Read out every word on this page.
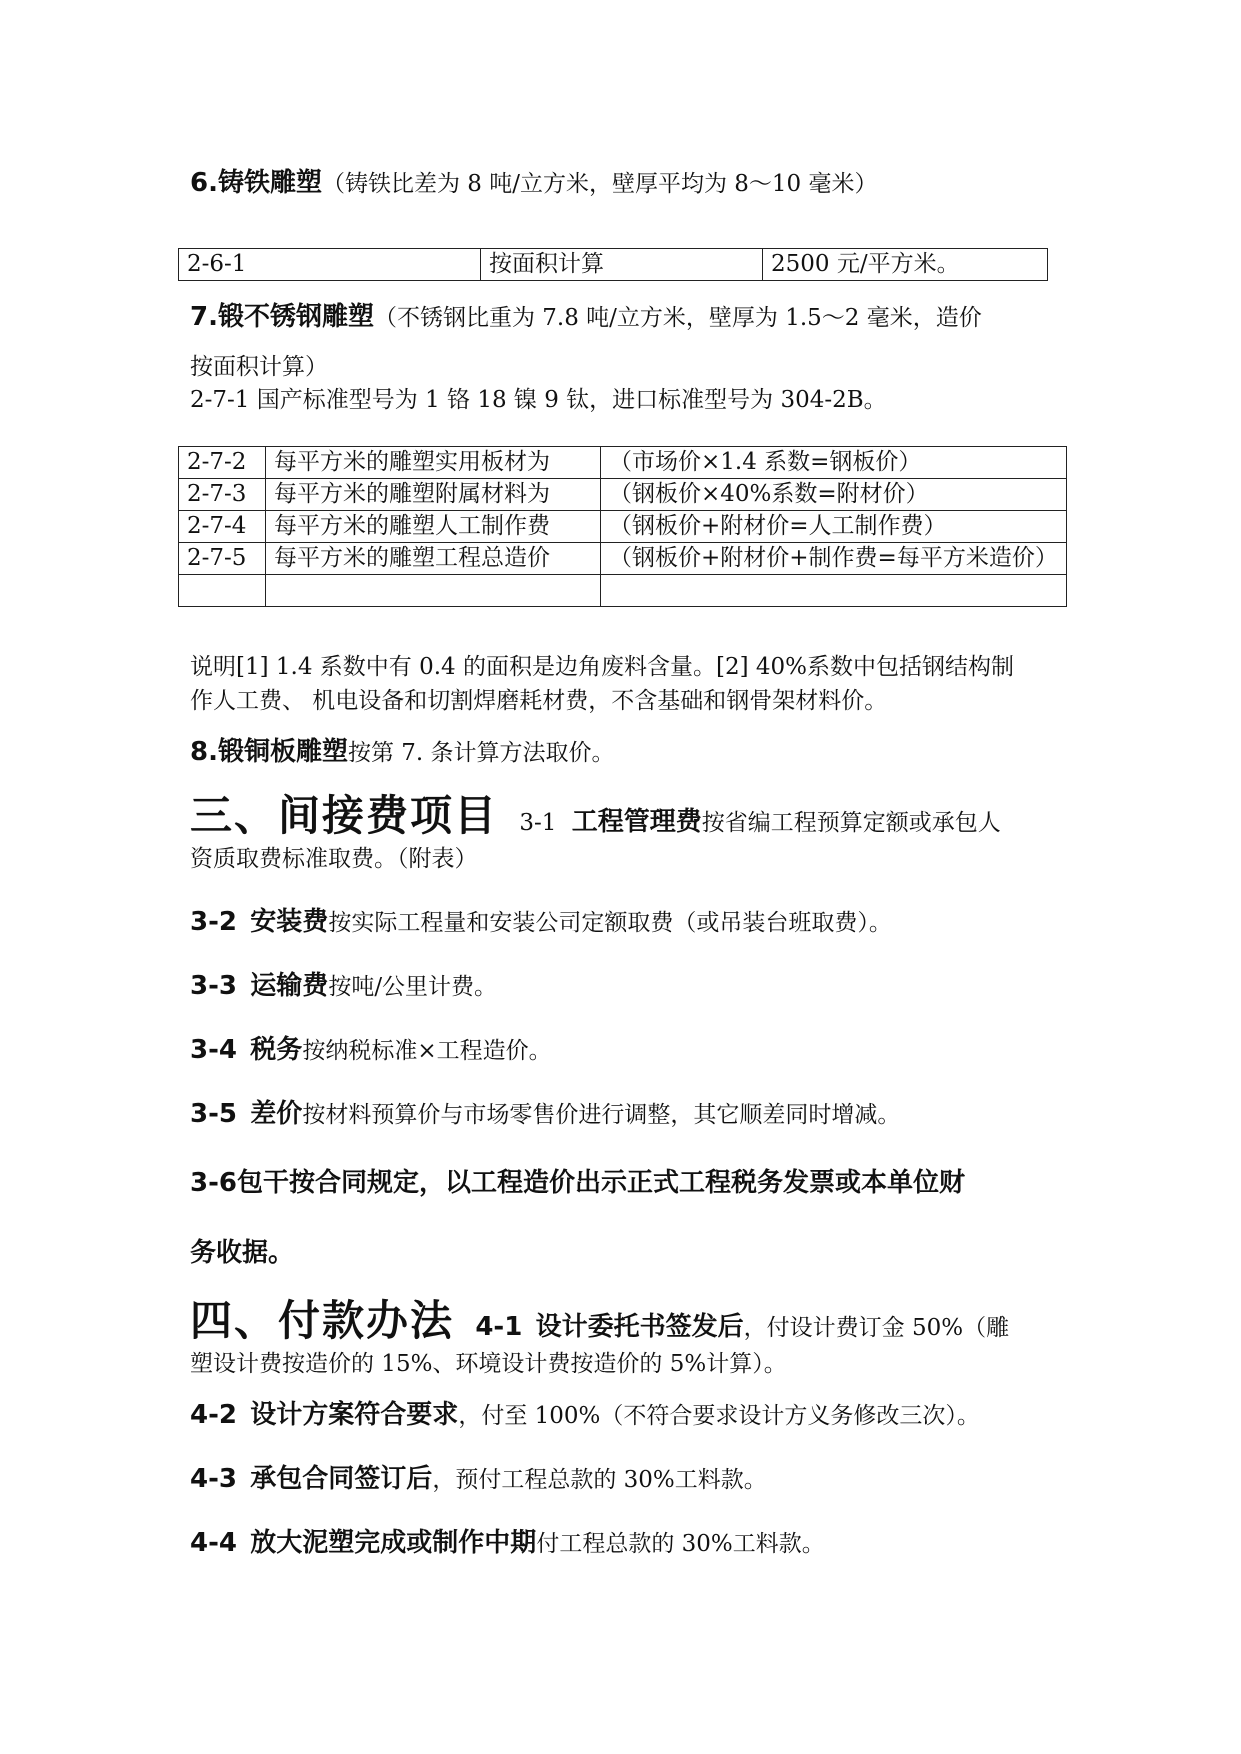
6.铸铁雕塑（铸铁比差为 8 吨/立方米，壁厚平均为 8～10 毫米）
2-6-1	按面积计算	2500 元/平方米。
7.锻不锈钢雕塑（不锈钢比重为 7.8 吨/立方米，壁厚为 1.5～2 毫米，造价
按面积计算）
2-7-1 国产标准型号为 1 铬 18 镍 9 钛，进口标准型号为 304-2B。
2-7-2	每平方米的雕塑实用板材为	（市场价×1.4 系数=钢板价）
2-7-3	每平方米的雕塑附属材料为	（钢板价×40%系数=附材价）
2-7-4	每平方米的雕塑人工制作费	（钢板价+附材价=人工制作费）
2-7-5	每平方米的雕塑工程总造价	（钢板价+附材价+制作费=每平方米造价）

说明[1] 1.4 系数中有 0.4 的面积是边角废料含量。[2] 40%系数中包括钢结构制
作人工费、 机电设备和切割焊磨耗材费，不含基础和钢骨架材料价。
8.锻铜板雕塑按第 7. 条计算方法取价。
三、间接费项目 3-1 工程管理费按省编工程预算定额或承包人
资质取费标准取费。（附表）
3-2 安装费按实际工程量和安装公司定额取费（或吊装台班取费）。
3-3 运输费按吨/公里计费。
3-4 税务按纳税标准×工程造价。
3-5 差价按材料预算价与市场零售价进行调整，其它顺差同时增减。
3-6包干按合同规定，以工程造价出示正式工程税务发票或本单位财
务收据。
四、付款办法 4-1 设计委托书签发后，付设计费订金 50%（雕
塑设计费按造价的 15%、环境设计费按造价的 5%计算）。
4-2 设计方案符合要求，付至 100%（不符合要求设计方义务修改三次）。
4-3 承包合同签订后，预付工程总款的 30%工料款。
4-4 放大泥塑完成或制作中期付工程总款的 30%工料款。
